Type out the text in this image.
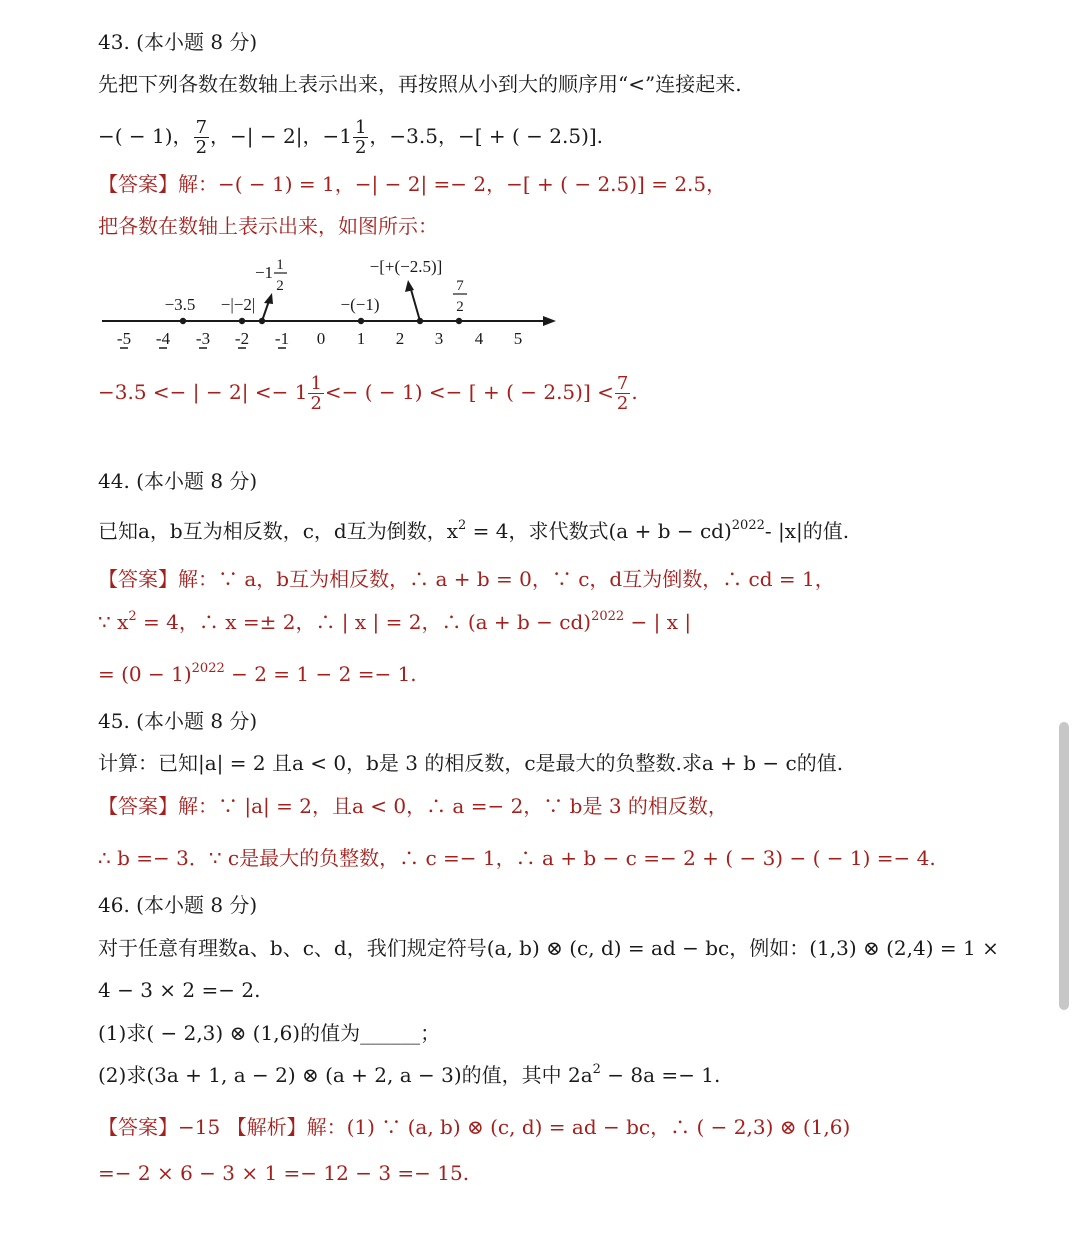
43. (本小题 8 分)
先把下列各数在数轴上表示出来，再按照从小到大的顺序用“<”连接起来.
−( − 1)， $\frac{7}{2}$ ，−| − 2|，$-1 \frac{1}{2}$ ，−3.5，−[ + ( − 2.5)].
【答案】解：−( − 1) = 1，−| − 2| =− 2，−[ + ( − 2.5)] = 2.5，
把各数在数轴上表示出来，如图所示：
-5 -4 -3 -2 -1 0 1 2 3 4 5
−3.5 −|−2|
−1 1
2
−(−1)
−[+(−2.5)]
7
2
−3.5 <− | − $2| <- 1 \frac{1}{2}$ <− ( − 1) <− [ + ( − $2.5)] < \frac{7}{2}$ .
44. (本小题 8 分)
已知a，b互为相反数，c，d互为倒数，$x^2 = 4$，求代数式(a + b − cd)$^{2022}$- |x|的值.
【答案】解：∵ a，b互为相反数，∴ a + b = 0，∵ c，d互为倒数，∴ cd = 1，
∵ $x^2 = 4$，∴ x =± 2，∴ | x | = 2，∴ (a + b − cd)$^{2022}$ − | x |
= $(0 - 1)^{2022} - 2 = 1 - 2 =- 1$.
45. (本小题 8 分)
计算：已知|a| = 2 且a < 0，b是 3 的相反数，c是最大的负整数.求a + b − c的值.
【答案】解：∵ |a| = 2，且a < 0，∴ a =− 2，∵ b是 3 的相反数，
∴ b =− 3．∵ c是最大的负整数，∴ c =− 1，∴ a + b − c =− 2 + ( − 3) − ( − 1) =− 4.
46. (本小题 8 分)
对于任意有理数a、b、c、d，我们规定符号(a, b) ⊗ (c, d) = ad − bc，例如：(1,3) ⊗ (2,4) = 1 ×
4 − 3 × 2 =− 2.
(1)求( − 2,3) ⊗ (1,6)的值为______；
(2)求(3a + 1, a − 2) ⊗ (a + 2, a − 3)的值，其中 $2a^2 - 8a =- 1$.
【答案】−15 【解析】解：(1) ∵ (a, b) ⊗ (c, d) = ad − bc，∴ ( − 2,3) ⊗ (1,6)
=− 2 × 6 − 3 × 1 =− 12 − 3 =− 15.
